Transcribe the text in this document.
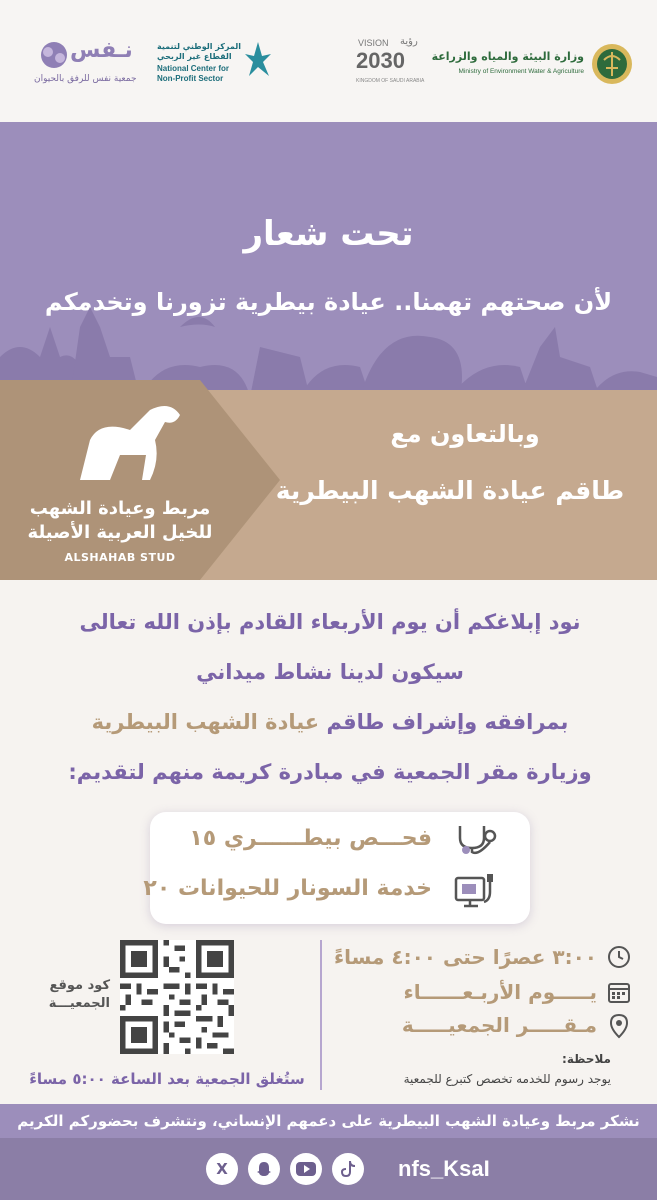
نـفس
جمعية نفس للرفق بالحيوان
المركز الوطني لتنمية
القطاع غير الربحي
National Center for
Non-Profit Sector
VISION رؤية
2030
KINGDOM OF SAUDI ARABIA
وزارة البيئة والمياه والزراعة
Ministry of Environment Water & Agriculture
تحت شعار
لأن صحتهم تهمنا.. عيادة بيطرية تزورنا وتخدمكم
مربط وعيادة الشهب
للخيل العربية الأصيلة
ALSHAHAB STUD
وبالتعاون مع
طاقم عيادة الشهب البيطرية
نود إبلاغكم أن يوم الأربعاء القادم بإذن الله تعالى
سيكون لدينا نشاط ميداني
بمرافقه وإشراف طاقم عيادة الشهب البيطرية
وزيارة مقر الجمعية في مبادرة كريمة منهم لتقديم:
فحـــص بيطــــــري ١٥
خدمة السونار للحيوانات ٢٠
٣:٠٠ عصرًا حتى ٤:٠٠ مساءً
يـــــوم الأربـعــــــاء
مـقـــــر الجمعيـــــة
ملاحظة:
يوجد رسوم للخدمه تخصص كتبرع للجمعية
كود موقع
الجمعيـــة
ستُغلق الجمعية بعد الساعة ٥:٠٠ مساءً
نشكر مربط وعيادة الشهب البيطرية على دعمهم الإنساني، ونتشرف بحضوركم الكريم
X	nfs_KsaI
